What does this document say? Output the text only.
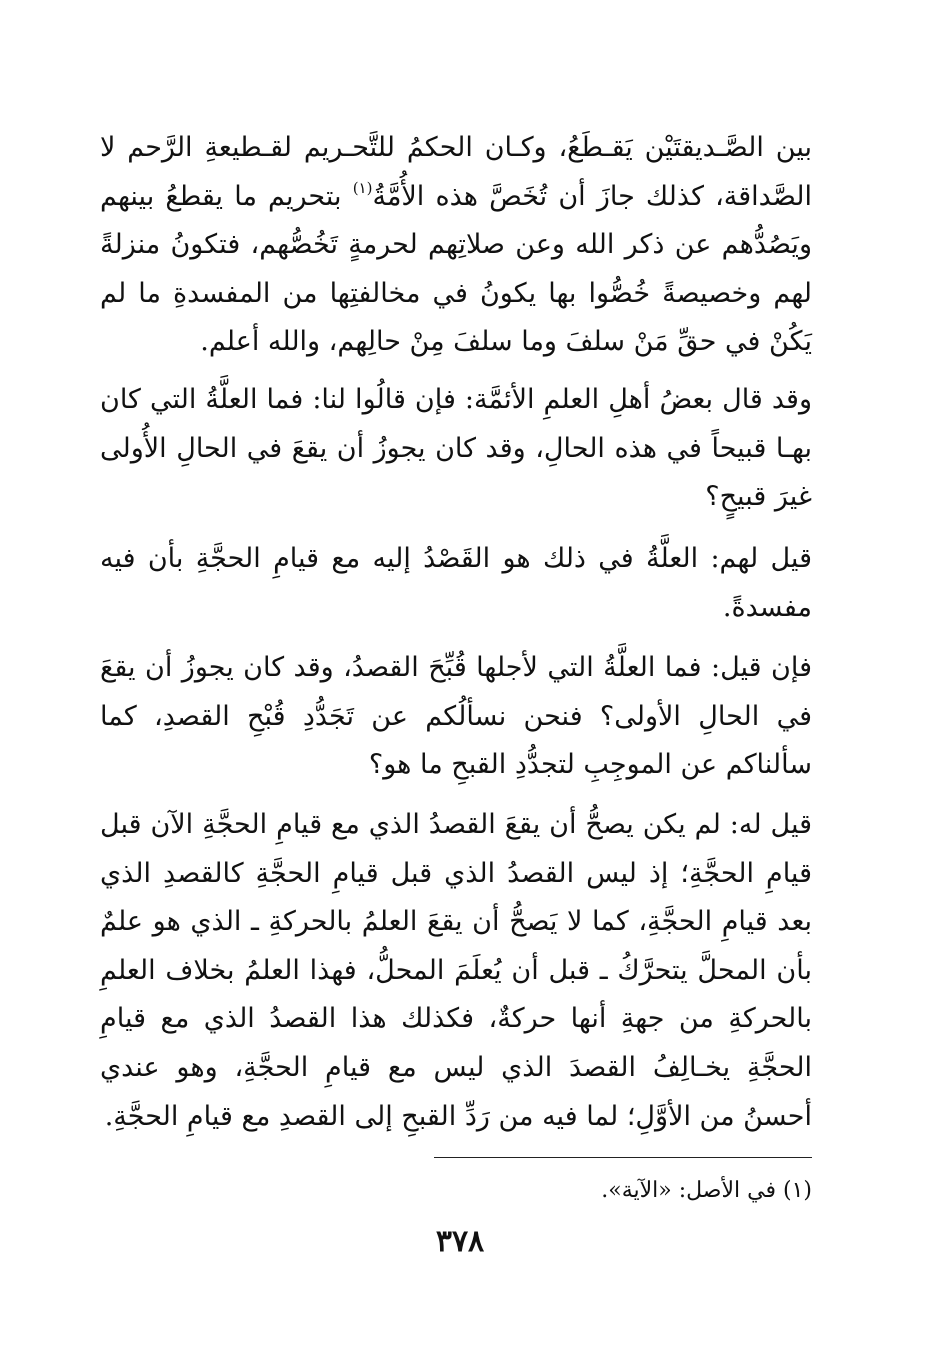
بين الصَّـديقتَيْن يَقـطَعُ، وكـان الحكمُ للتَّحـريم لقـطيعةِ الرَّحم لا الصَّداقة، كذلك جازَ أن تُخَصَّ هذه الأُمَّةُ$^{(١)}$ بتحريم ما يقطعُ بينهم ويَصُدُّهم عن ذكر الله وعن صلاتِهم لحرمةٍ تَخُصُّهم، فتكونُ منزلةً لهم وخصيصةً خُصُّوا بها يكونُ في مخالفتِها من المفسدةِ ما لم يَكُنْ في حقِّ مَنْ سلفَ وما سلفَ مِنْ حالِهم، والله أعلم.

وقد قال بعضُ أهلِ العلمِ الأئمَّة: فإن قالُوا لنا: فما العلَّةُ التي كان بهـا قبيحاً في هذه الحالِ، وقد كان يجوزُ أن يقعَ في الحالِ الأُولى غيرَ قبيحٍ؟

قيل لهم: العلَّةُ في ذلك هو القَصْدُ إليه مع قيامِ الحجَّةِ بأن فيه مفسدةً.

فإن قيل: فما العلَّةُ التي لأجلها قُبِّحَ القصدُ، وقد كان يجوزُ أن يقعَ في الحالِ الأولى؟ فنحن نسألُكم عن تَجَدُّدِ قُبْحِ القصدِ، كما سألناكم عن الموجِبِ لتجدُّدِ القبحِ ما هو؟

قيل له: لم يكن يصحُّ أن يقعَ القصدُ الذي مع قيامِ الحجَّةِ الآن قبل قيامِ الحجَّةِ؛ إذ ليس القصدُ الذي قبل قيامِ الحجَّةِ كالقصدِ الذي بعد قيامِ الحجَّةِ، كما لا يَصحُّ أن يقعَ العلمُ بالحركةِ ـ الذي هو علمٌ بأن المحلَّ يتحرَّكُ ـ قبل أن يُعلَمَ المحلُّ، فهذا العلمُ بخلاف العلمِ بالحركةِ من جهةِ أنها حركةٌ، فكذلك هذا القصدُ الذي مع قيامِ الحجَّةِ يخـالِفُ القصدَ الذي ليس مع قيامِ الحجَّةِ، وهو عندي أحسنُ من الأوَّلِ؛ لما فيه من رَدِّ القبحِ إلى القصدِ مع قيامِ الحجَّةِ.

(١) في الأصل: «الآية».

٣٧٨
